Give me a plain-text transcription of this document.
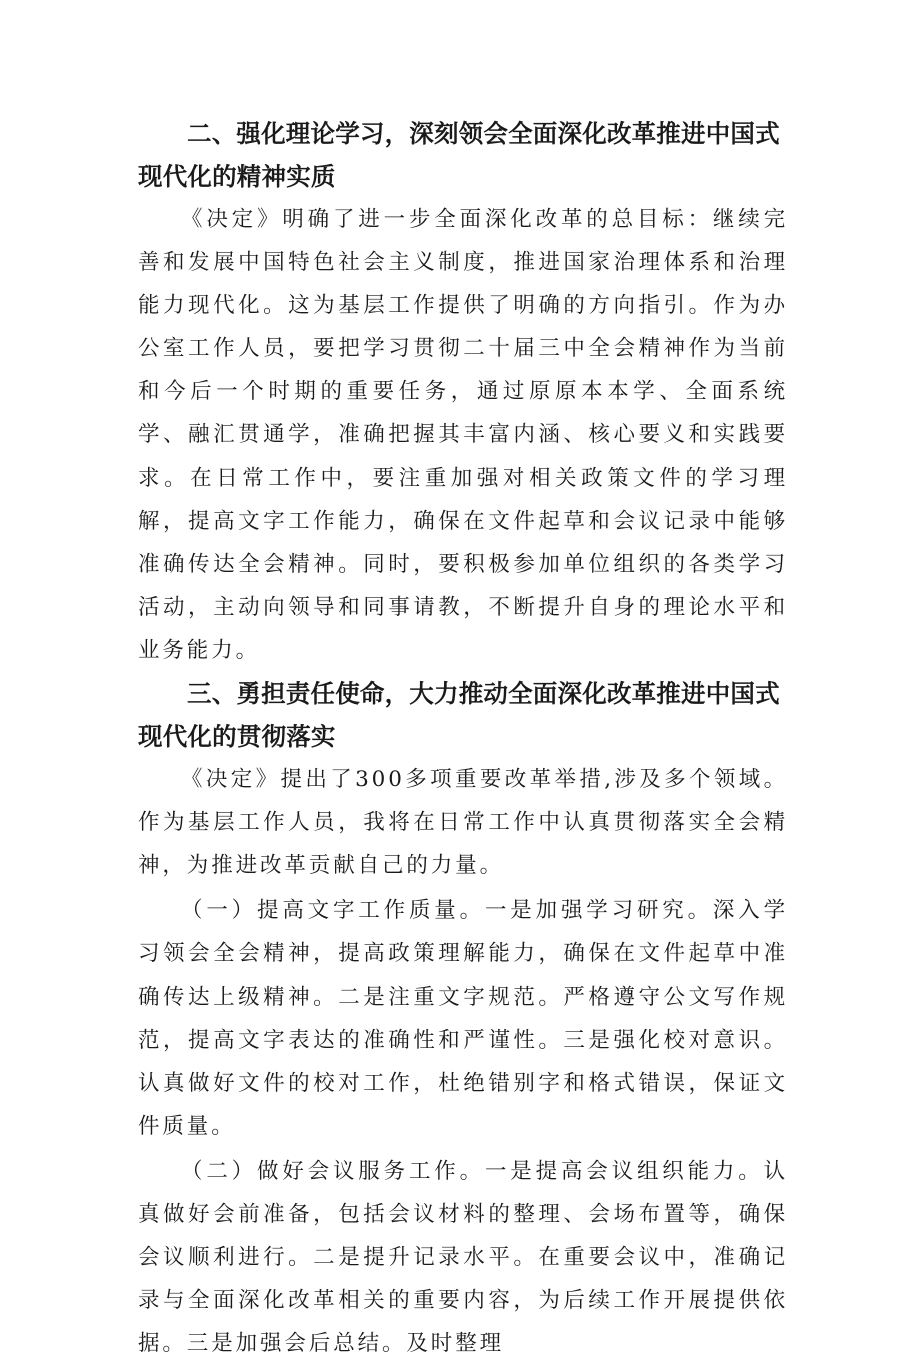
二、强化理论学习，深刻领会全面深化改革推进中国式现代化的精神实质

《决定》明确了进一步全面深化改革的总目标：继续完善和发展中国特色社会主义制度，推进国家治理体系和治理能力现代化。这为基层工作提供了明确的方向指引。作为办公室工作人员，要把学习贯彻二十届三中全会精神作为当前和今后一个时期的重要任务，通过原原本本学、全面系统学、融汇贯通学，准确把握其丰富内涵、核心要义和实践要求。在日常工作中，要注重加强对相关政策文件的学习理解，提高文字工作能力，确保在文件起草和会议记录中能够准确传达全会精神。同时，要积极参加单位组织的各类学习活动，主动向领导和同事请教，不断提升自身的理论水平和业务能力。

三、勇担责任使命，大力推动全面深化改革推进中国式现代化的贯彻落实

《决定》提出了300多项重要改革举措,涉及多个领域。作为基层工作人员，我将在日常工作中认真贯彻落实全会精神，为推进改革贡献自己的力量。

（一）提高文字工作质量。一是加强学习研究。深入学习领会全会精神，提高政策理解能力，确保在文件起草中准确传达上级精神。二是注重文字规范。严格遵守公文写作规范，提高文字表达的准确性和严谨性。三是强化校对意识。认真做好文件的校对工作，杜绝错别字和格式错误，保证文件质量。

（二）做好会议服务工作。一是提高会议组织能力。认真做好会前准备，包括会议材料的整理、会场布置等，确保会议顺利进行。二是提升记录水平。在重要会议中，准确记录与全面深化改革相关的重要内容，为后续工作开展提供依据。三是加强会后总结。及时整理
